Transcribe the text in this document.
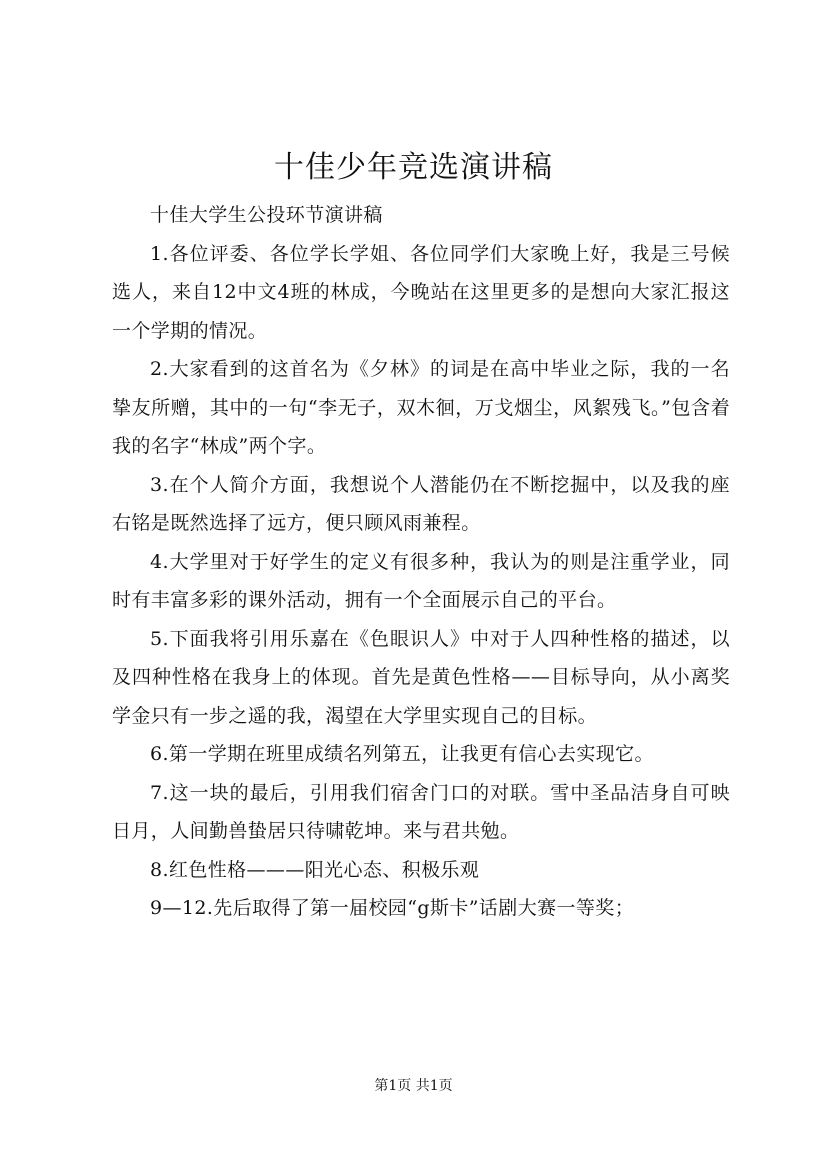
十佳少年竞选演讲稿

十佳大学生公投环节演讲稿

1.各位评委、各位学长学姐、各位同学们大家晚上好，我是三号候选人，来自12中文4班的林成，今晚站在这里更多的是想向大家汇报这一个学期的情况。

2.大家看到的这首名为《夕林》的词是在高中毕业之际，我的一名挚友所赠，其中的一句“李无子，双木徊，万戈烟尘，风絮残飞。”包含着我的名字“林成”两个字。

3.在个人简介方面，我想说个人潜能仍在不断挖掘中，以及我的座右铭是既然选择了远方，便只顾风雨兼程。

4.大学里对于好学生的定义有很多种，我认为的则是注重学业，同时有丰富多彩的课外活动，拥有一个全面展示自己的平台。

5.下面我将引用乐嘉在《色眼识人》中对于人四种性格的描述，以及四种性格在我身上的体现。首先是黄色性格——目标导向，从小离奖学金只有一步之遥的我，渴望在大学里实现自己的目标。

6.第一学期在班里成绩名列第五，让我更有信心去实现它。

7.这一块的最后，引用我们宿舍门口的对联。雪中圣品洁身自可映日月，人间勤兽蛰居只待啸乾坤。来与君共勉。

8.红色性格———阳光心态、积极乐观

9—12.先后取得了第一届校园“g斯卡”话剧大赛一等奖；

第1页 共1页
